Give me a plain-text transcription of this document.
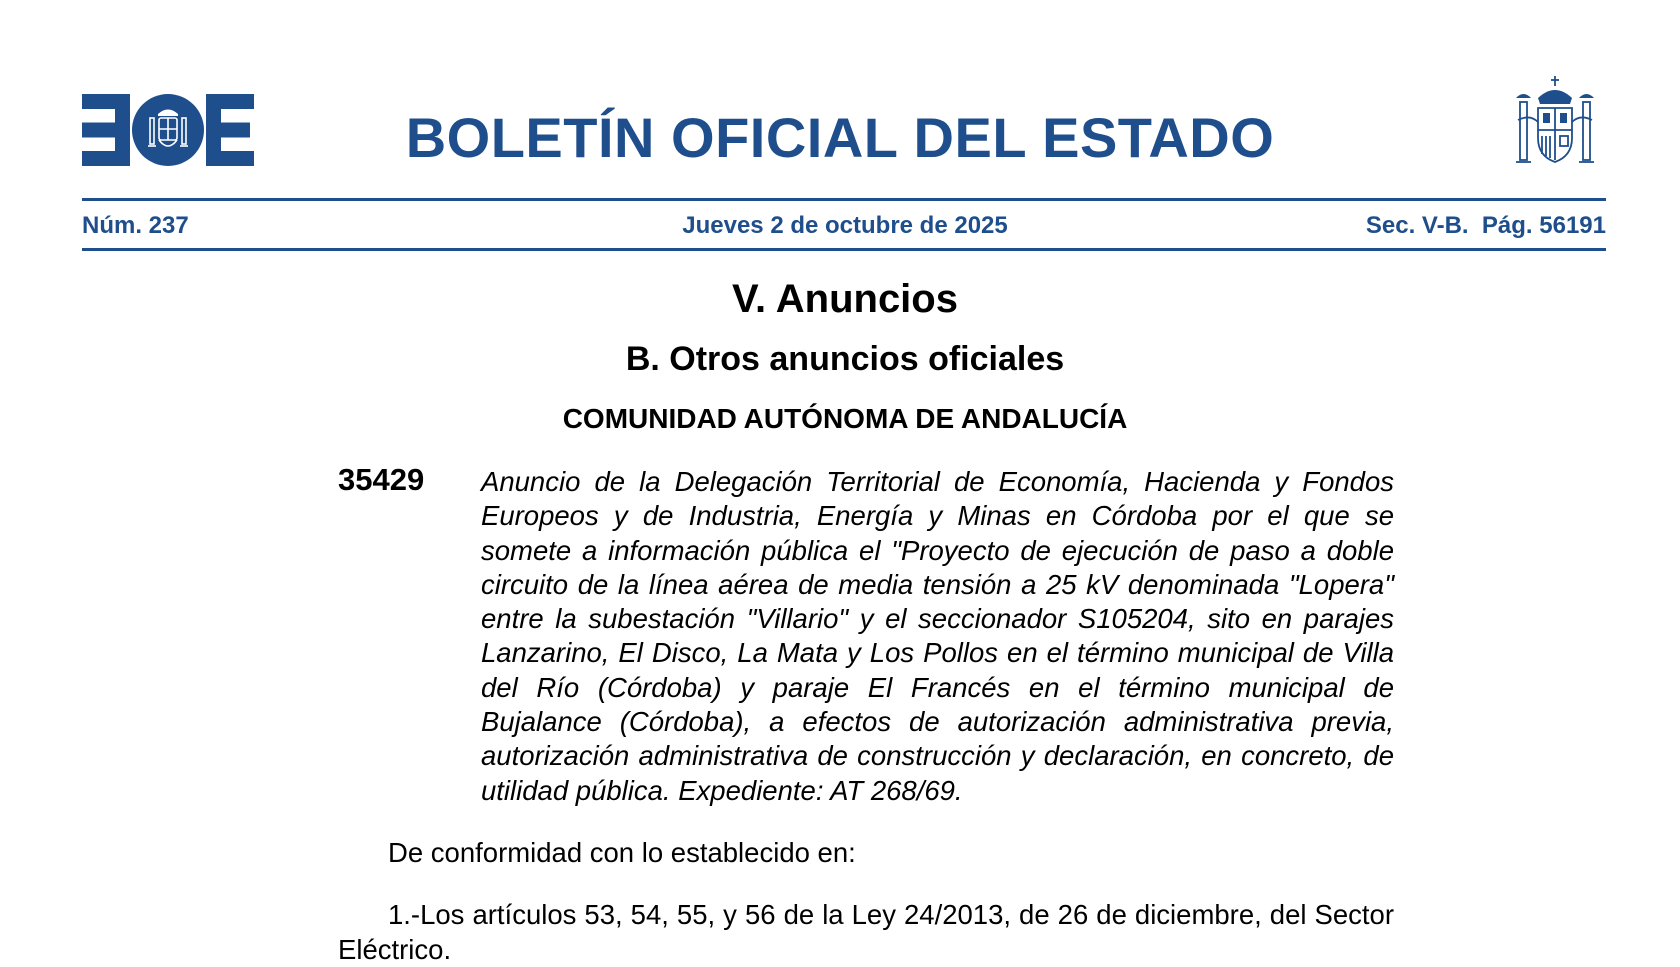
BOLETÍN OFICIAL DEL ESTADO
Núm. 237	Jueves 2 de octubre de 2025	Sec. V-B.  Pág. 56191
V. Anuncios
B. Otros anuncios oficiales
COMUNIDAD AUTÓNOMA DE ANDALUCÍA
35429 Anuncio de la Delegación Territorial de Economía, Hacienda y Fondos Europeos y de Industria, Energía y Minas en Córdoba por el que se somete a información pública el "Proyecto de ejecución de paso a doble circuito de la línea aérea de media tensión a 25 kV denominada "Lopera" entre la subestación "Villario" y el seccionador S105204, sito en parajes Lanzarino, El Disco, La Mata y Los Pollos en el término municipal de Villa del Río (Córdoba) y paraje El Francés en el término municipal de Bujalance (Córdoba), a efectos de autorización administrativa previa, autorización administrativa de construcción y declaración, en concreto, de utilidad pública. Expediente: AT 268/69.

De conformidad con lo establecido en:

1.-Los artículos 53, 54, 55, y 56 de la Ley 24/2013, de 26 de diciembre, del Sector Eléctrico.
